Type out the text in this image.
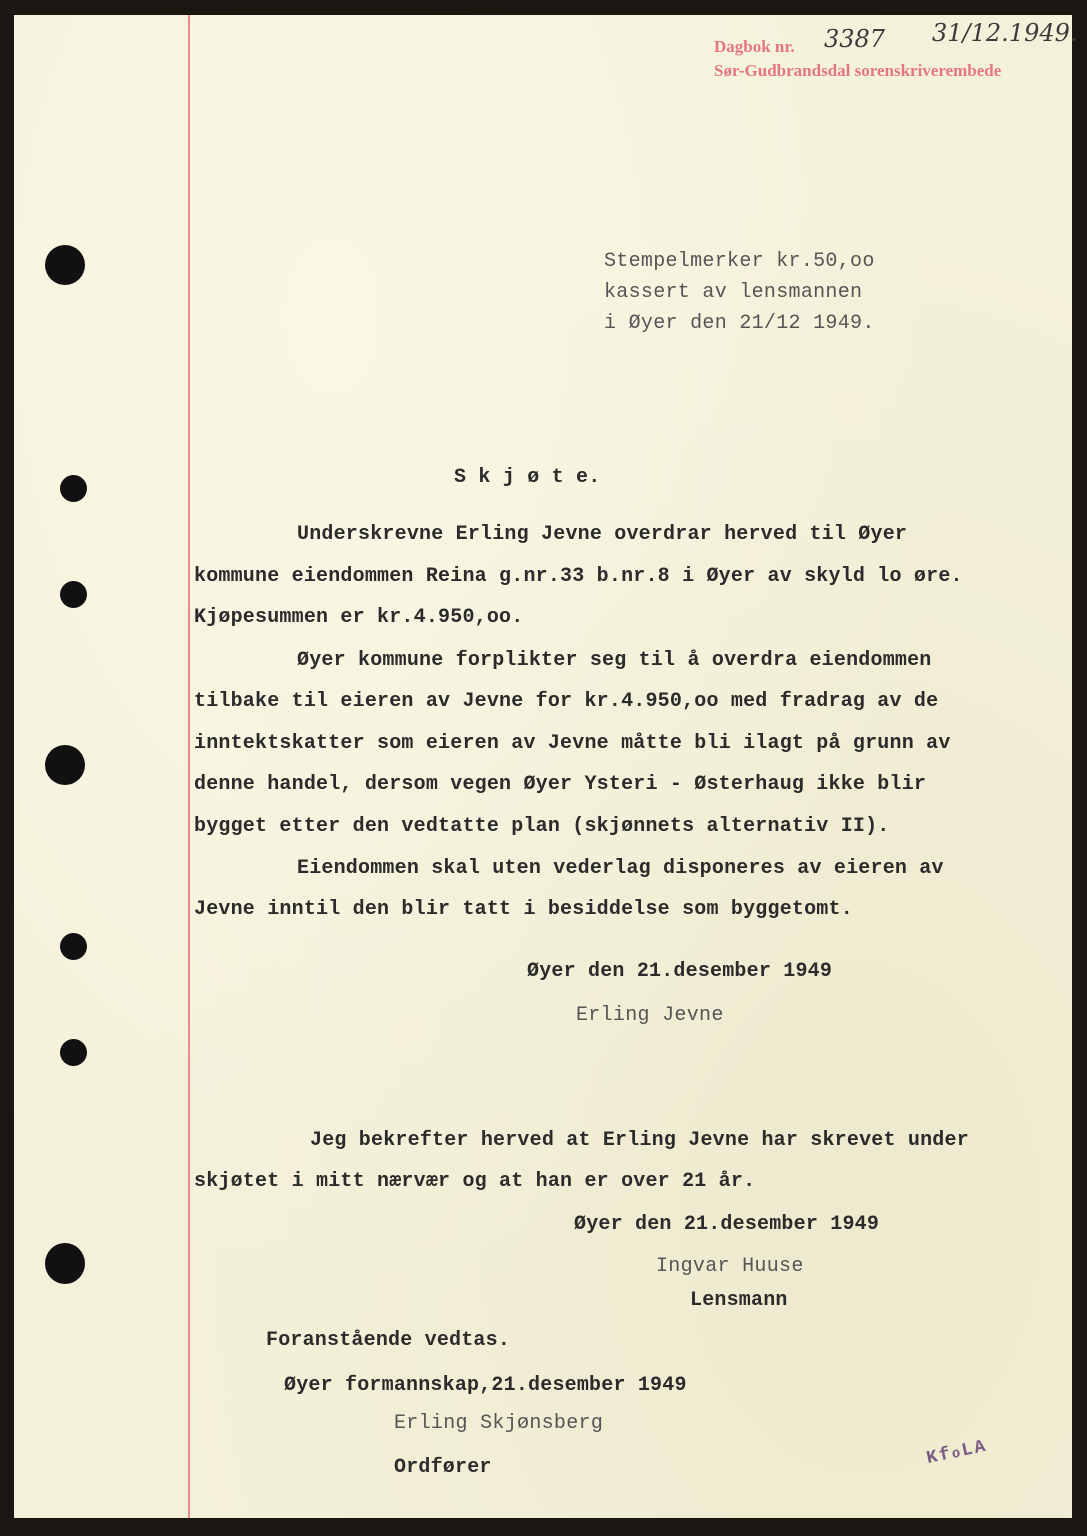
Dagbok nr. 3387 31/12.1949.
Sør-Gudbrandsdal sorenskriverembede
Stempelmerker kr.50,oo
kassert av lensmannen
i Øyer den 21/12 1949.
S k j ø t e.
Underskrevne Erling Jevne overdrar herved til Øyer
kommune eiendommen Reina g.nr.33 b.nr.8 i Øyer av skyld lo øre.
Kjøpesummen er kr.4.950,oo.
Øyer kommune forplikter seg til å overdra eiendommen
tilbake til eieren av Jevne for kr.4.950,oo med fradrag av de
inntektskatter som eieren av Jevne måtte bli ilagt på grunn av
denne handel, dersom vegen Øyer Ysteri - Østerhaug ikke blir
bygget etter den vedtatte plan (skjønnets alternativ II).
Eiendommen skal uten vederlag disponeres av eieren av
Jevne inntil den blir tatt i besiddelse som byggetomt.
Øyer den 21.desember 1949
Erling Jevne
Jeg bekrefter herved at Erling Jevne har skrevet under
skjøtet i mitt nærvær og at han er over 21 år.
Øyer den 21.desember 1949
Ingvar Huuse
Lensmann
Foranstående vedtas.
Øyer formannskap,21.desember 1949
Erling Skjønsberg
Ordfører	KfℴLA
